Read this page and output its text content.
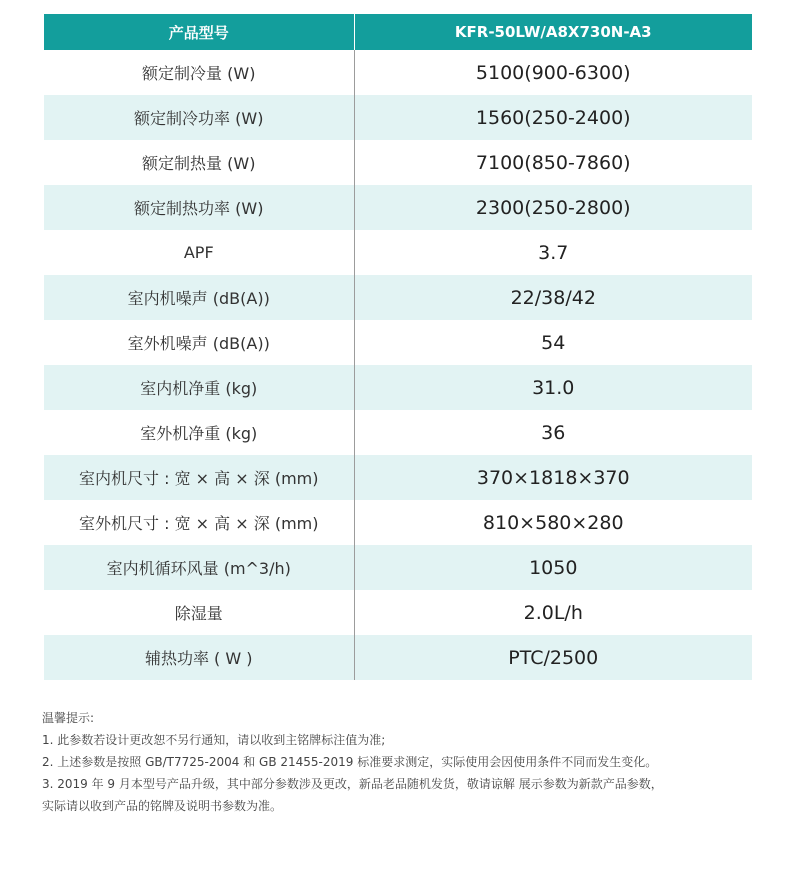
产品型号	KFR-50LW/A8X730N-A3
额定制冷量 (W)	5100(900-6300)
额定制冷功率 (W)	1560(250-2400)
额定制热量 (W)	7100(850-7860)
额定制热功率 (W)	2300(250-2800)
APF	3.7
室内机噪声 (dB(A))	22/38/42
室外机噪声 (dB(A))	54
室内机净重 (kg)	31.0
室外机净重 (kg)	36
室内机尺寸 : 宽 × 高 × 深 (mm)	370×1818×370
室外机尺寸 : 宽 × 高 × 深 (mm)	810×580×280
室内机循环风量 (m^3/h)	1050
除湿量	2.0L/h
辅热功率 ( W )	PTC/2500
温馨提示:
1. 此参数若设计更改恕不另行通知，请以收到主铭牌标注值为准;
2. 上述参数是按照 GB/T7725-2004 和 GB 21455-2019 标准要求测定，实际使用会因使用条件不同而发生变化。
3. 2019 年 9 月本型号产品升级，其中部分参数涉及更改，新品老品随机发货，敬请谅解 展示参数为新款产品参数，
实际请以收到产品的铭牌及说明书参数为准。
